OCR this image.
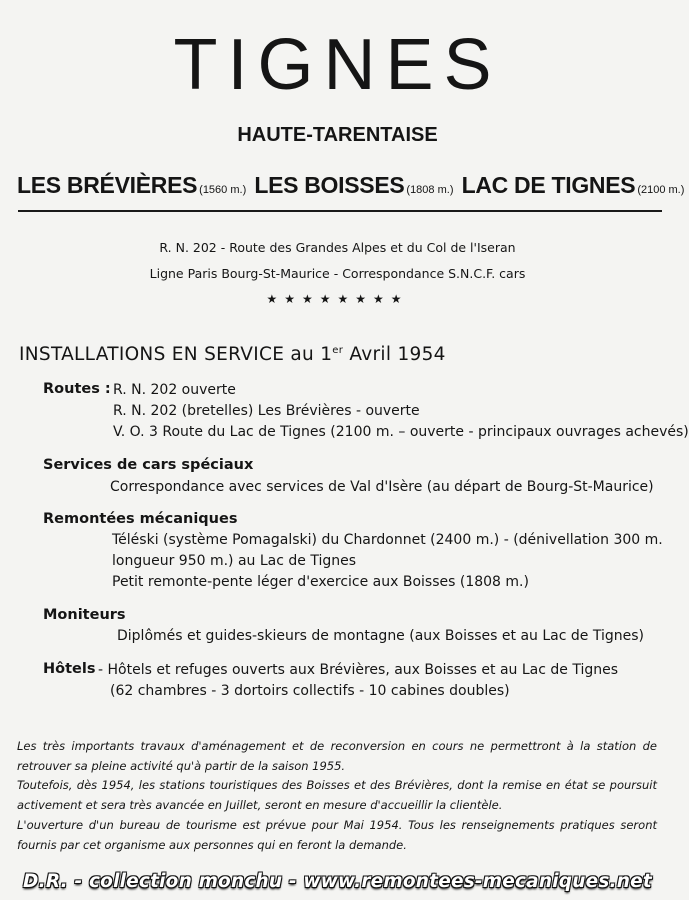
TIGNES
HAUTE-TARENTAISE
LES BRÉVIÈRES (1560 m.) LES BOISSES (1808 m.) LAC DE TIGNES (2100 m.)
R. N. 202 - Route des Grandes Alpes et du Col de l'Iseran
Ligne Paris Bourg-St-Maurice - Correspondance S.N.C.F. cars
★★★★★★★★
INSTALLATIONS EN SERVICE au 1er Avril 1954
Routes : R. N. 202 ouverte
R. N. 202 (bretelles) Les Brévières - ouverte
V. O. 3 Route du Lac de Tignes (2100 m. – ouverte - principaux ouvrages achevés)
Services de cars spéciaux
Correspondance avec services de Val d'Isère (au départ de Bourg-St-Maurice)
Remontées mécaniques
Téléski (système Pomagalski) du Chardonnet (2400 m.) - (dénivellation 300 m.
longueur 950 m.) au Lac de Tignes
Petit remonte-pente léger d'exercice aux Boisses (1808 m.)
Moniteurs
Diplômés et guides-skieurs de montagne (aux Boisses et au Lac de Tignes)
Hôtels - Hôtels et refuges ouverts aux Brévières, aux Boisses et au Lac de Tignes
(62 chambres - 3 dortoirs collectifs - 10 cabines doubles)
Les très importants travaux d'aménagement et de reconversion en cours ne permettront à la station de retrouver sa pleine activité qu'à partir de la saison 1955.
Toutefois, dès 1954, les stations touristiques des Boisses et des Brévières, dont la remise en état se poursuit activement et sera très avancée en Juillet, seront en mesure d'accueillir la clientèle.
L'ouverture d'un bureau de tourisme est prévue pour Mai 1954. Tous les renseignements pratiques seront fournis par cet organisme aux personnes qui en feront la demande.
D.R. - collection monchu - www.remontees-mecaniques.net
